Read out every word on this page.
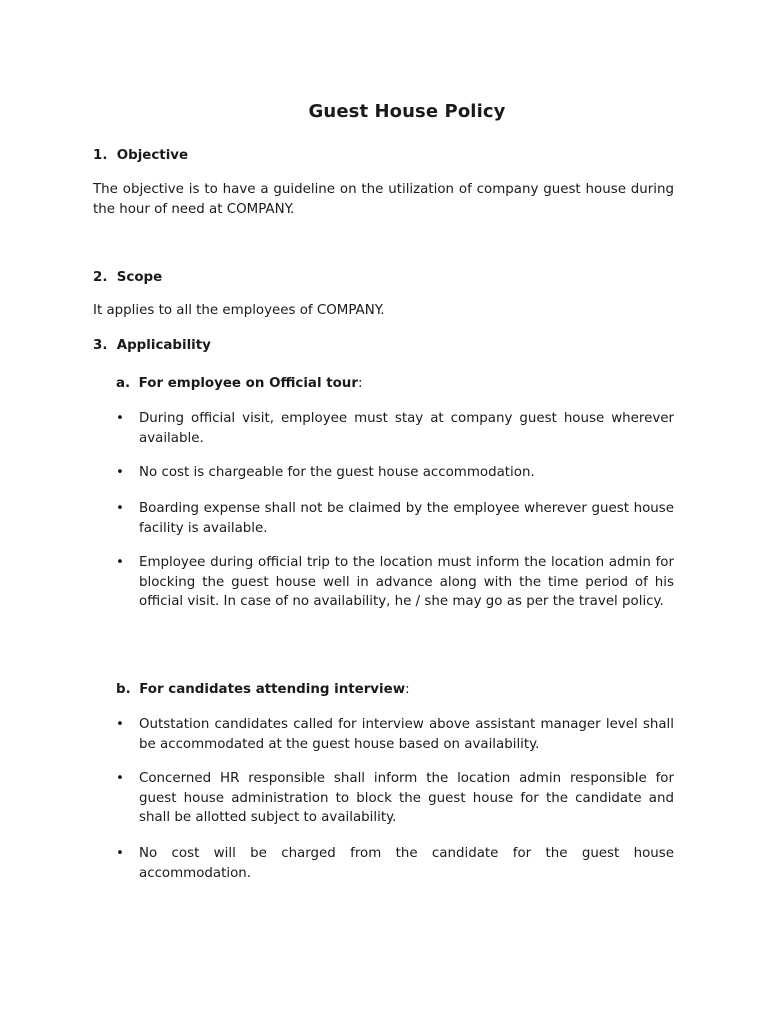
Guest House Policy
1. Objective
The objective is to have a guideline on the utilization of company guest house during the hour of need at COMPANY.
2. Scope
It applies to all the employees of COMPANY.
3. Applicability
a. For employee on Official tour:
• During official visit, employee must stay at company guest house wherever available.
• No cost is chargeable for the guest house accommodation.
• Boarding expense shall not be claimed by the employee wherever guest house facility is available.
• Employee during official trip to the location must inform the location admin for blocking the guest house well in advance along with the time period of his official visit. In case of no availability, he / she may go as per the travel policy.
b. For candidates attending interview:
• Outstation candidates called for interview above assistant manager level shall be accommodated at the guest house based on availability.
• Concerned HR responsible shall inform the location admin responsible for guest house administration to block the guest house for the candidate and shall be allotted subject to availability.
• No cost will be charged from the candidate for the guest house accommodation.
